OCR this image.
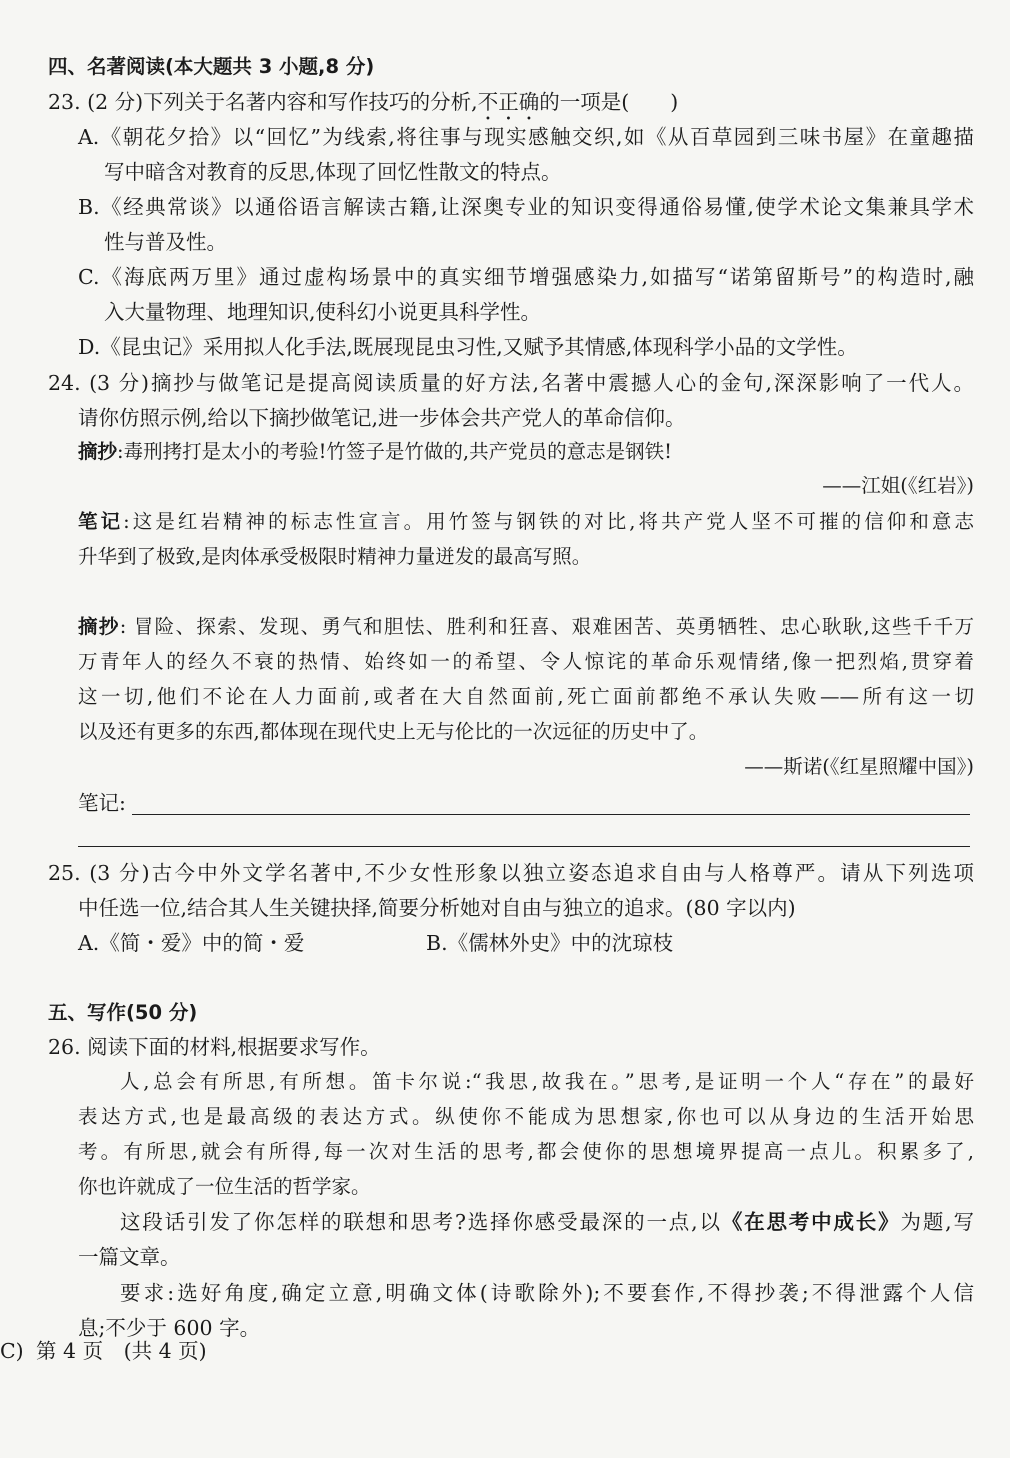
四、名著阅读(本大题共 3 小题,8 分)
23. (2 分)下列关于名著内容和写作技巧的分析,不正确的一项是(　　)
A.《朝花夕拾》以“回忆”为线索,将往事与现实感触交织,如《从百草园到三味书屋》在童趣描
写中暗含对教育的反思,体现了回忆性散文的特点。
B.《经典常谈》以通俗语言解读古籍,让深奥专业的知识变得通俗易懂,使学术论文集兼具学术
性与普及性。
C.《海底两万里》通过虚构场景中的真实细节增强感染力,如描写“诺第留斯号”的构造时,融
入大量物理、地理知识,使科幻小说更具科学性。
D.《昆虫记》采用拟人化手法,既展现昆虫习性,又赋予其情感,体现科学小品的文学性。
24. (3 分)摘抄与做笔记是提高阅读质量的好方法,名著中震撼人心的金句,深深影响了一代人。
请你仿照示例,给以下摘抄做笔记,进一步体会共产党人的革命信仰。
摘抄:毒刑拷打是太小的考验!竹签子是竹做的,共产党员的意志是钢铁!
——江姐(《红岩》)
笔记:这是红岩精神的标志性宣言。用竹签与钢铁的对比,将共产党人坚不可摧的信仰和意志
升华到了极致,是肉体承受极限时精神力量迸发的最高写照。
摘抄: 冒险、探索、发现、勇气和胆怯、胜利和狂喜、艰难困苦、英勇牺牲、忠心耿耿,这些千千万
万青年人的经久不衰的热情、始终如一的希望、令人惊诧的革命乐观情绪,像一把烈焰,贯穿着
这一切,他们不论在人力面前,或者在大自然面前,死亡面前都绝不承认失败——所有这一切
以及还有更多的东西,都体现在现代史上无与伦比的一次远征的历史中了。
——斯诺(《红星照耀中国》)
笔记:
25. (3 分)古今中外文学名著中,不少女性形象以独立姿态追求自由与人格尊严。请从下列选项
中任选一位,结合其人生关键抉择,简要分析她对自由与独立的追求。(80 字以内)
A.《简・爱》中的简・爱	B.《儒林外史》中的沈琼枝
五、写作(50 分)
26. 阅读下面的材料,根据要求写作。
人,总会有所思,有所想。笛卡尔说:“我思,故我在。”思考,是证明一个人“存在”的最好
表达方式,也是最高级的表达方式。纵使你不能成为思想家,你也可以从身边的生活开始思
考。有所思,就会有所得,每一次对生活的思考,都会使你的思想境界提高一点儿。积累多了,
你也许就成了一位生活的哲学家。
这段话引发了你怎样的联想和思考?选择你感受最深的一点,以《在思考中成长》为题,写
一篇文章。
要求:选好角度,确定立意,明确文体(诗歌除外);不要套作,不得抄袭;不得泄露个人信
息;不少于 600 字。
C) 第 4 页　(共 4 页)
